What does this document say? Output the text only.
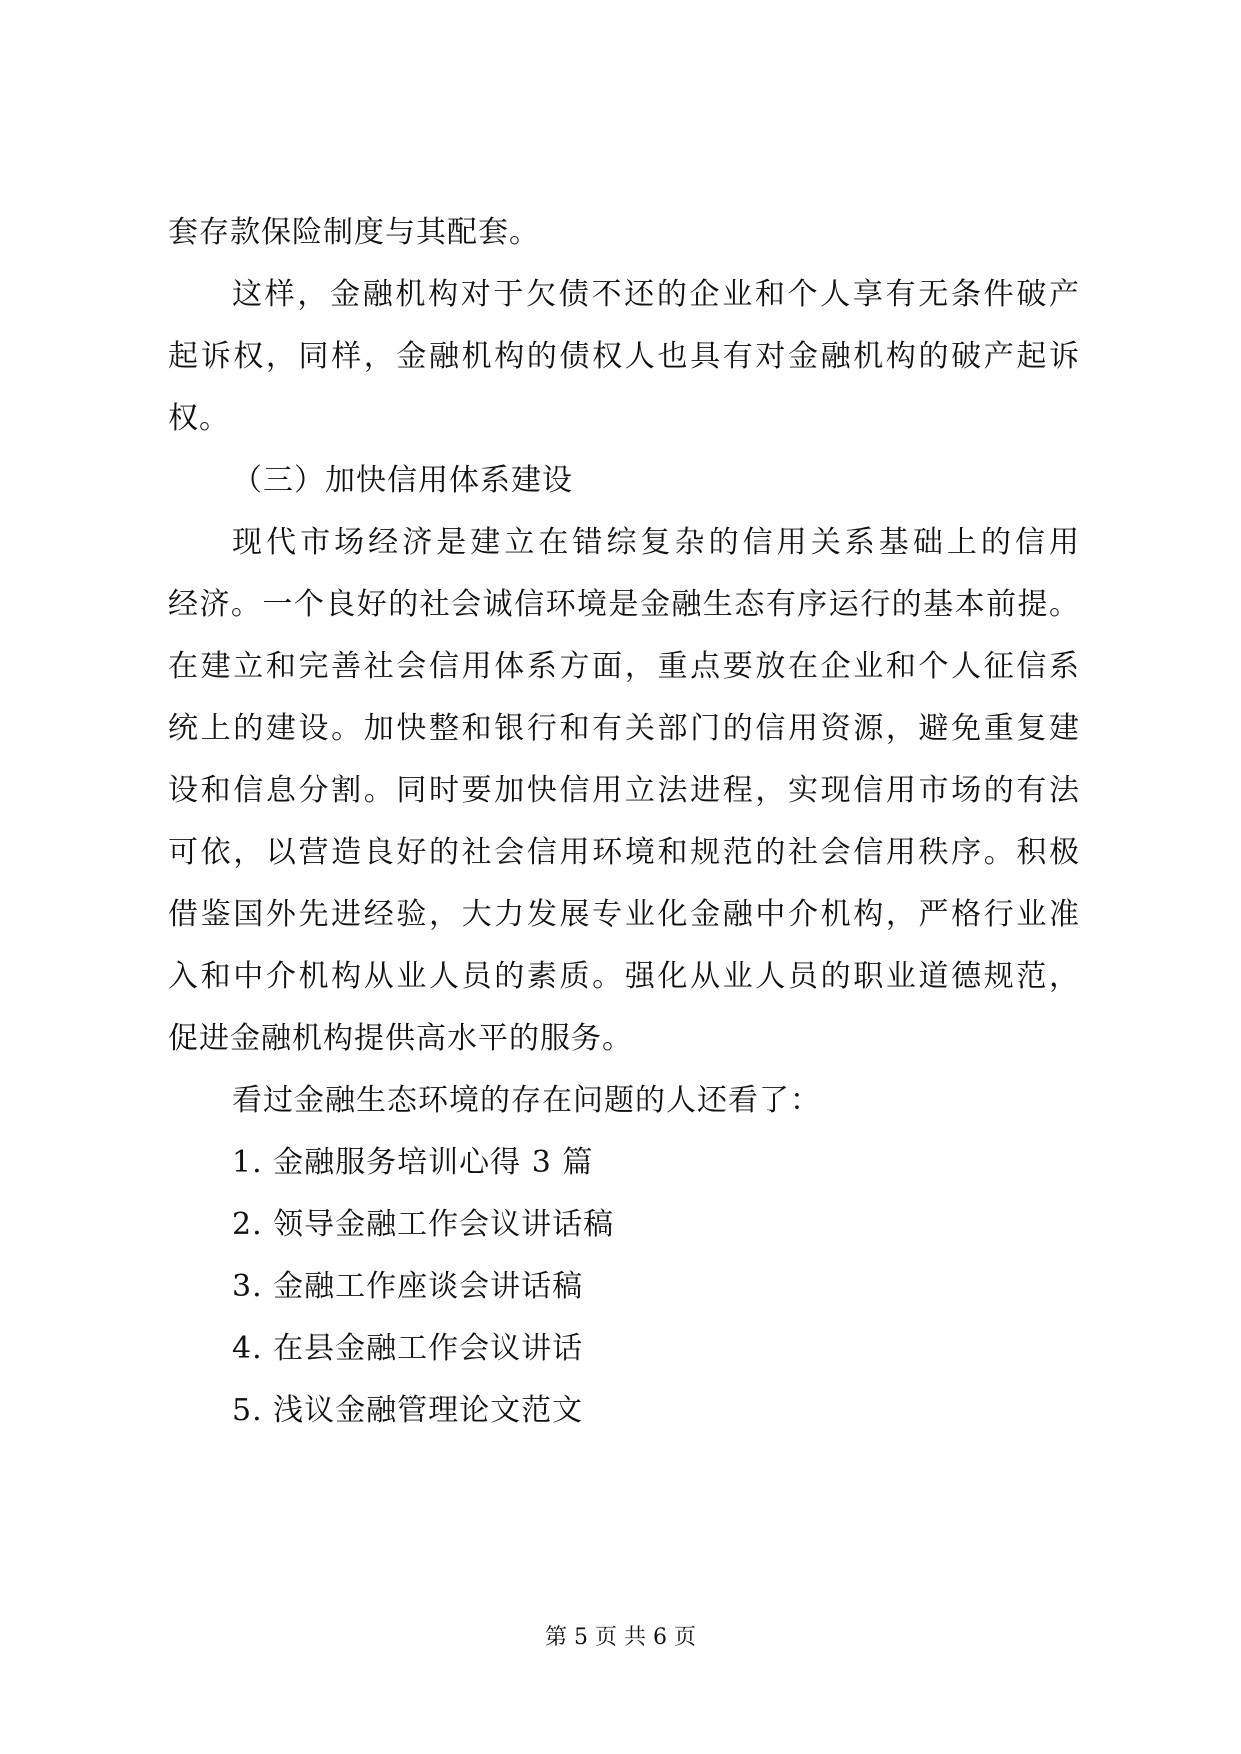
套存款保险制度与其配套。
这样，金融机构对于欠债不还的企业和个人享有无条件破产
起诉权，同样，金融机构的债权人也具有对金融机构的破产起诉
权。
（三）加快信用体系建设
现代市场经济是建立在错综复杂的信用关系基础上的信用
经济。一个良好的社会诚信环境是金融生态有序运行的基本前提。
在建立和完善社会信用体系方面，重点要放在企业和个人征信系
统上的建设。加快整和银行和有关部门的信用资源，避免重复建
设和信息分割。同时要加快信用立法进程，实现信用市场的有法
可依，以营造良好的社会信用环境和规范的社会信用秩序。积极
借鉴国外先进经验，大力发展专业化金融中介机构，严格行业准
入和中介机构从业人员的素质。强化从业人员的职业道德规范，
促进金融机构提供高水平的服务。
看过金融生态环境的存在问题的人还看了：
1. 金融服务培训心得 3 篇
2. 领导金融工作会议讲话稿
3. 金融工作座谈会讲话稿
4. 在县金融工作会议讲话
5. 浅议金融管理论文范文
第 5 页 共 6 页
